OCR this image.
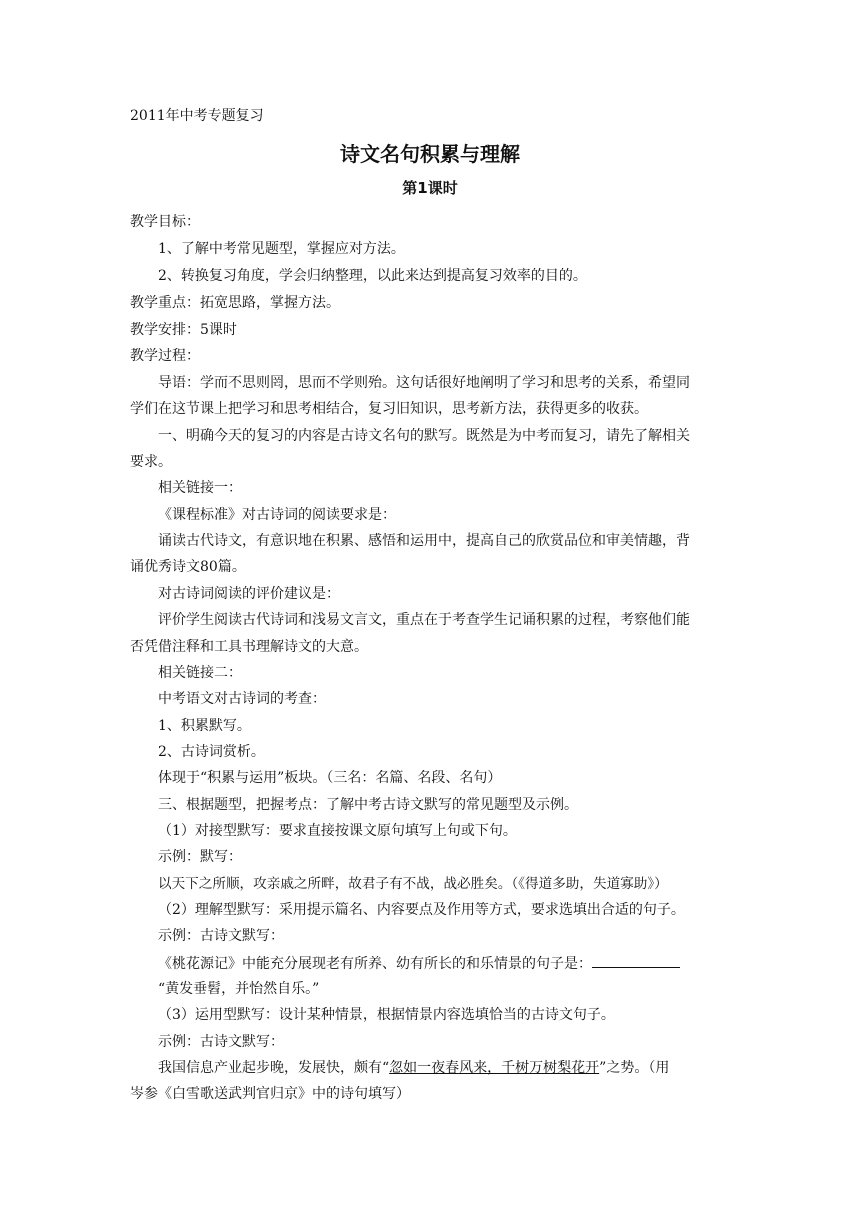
2011年中考专题复习
诗文名句积累与理解
第1课时
教学目标：
1、了解中考常见题型，掌握应对方法。
2、转换复习角度，学会归纳整理，以此来达到提高复习效率的目的。
教学重点：拓宽思路，掌握方法。
教学安排：5课时
教学过程：
导语：学而不思则罔，思而不学则殆。这句话很好地阐明了学习和思考的关系，希望同
学们在这节课上把学习和思考相结合，复习旧知识，思考新方法，获得更多的收获。
一、明确今天的复习的内容是古诗文名句的默写。既然是为中考而复习，请先了解相关
要求。
相关链接一：
《课程标准》对古诗词的阅读要求是：
诵读古代诗文，有意识地在积累、感悟和运用中，提高自己的欣赏品位和审美情趣，背
诵优秀诗文80篇。
对古诗词阅读的评价建议是：
评价学生阅读古代诗词和浅易文言文，重点在于考查学生记诵积累的过程，考察他们能
否凭借注释和工具书理解诗文的大意。
相关链接二：
中考语文对古诗词的考查：
1、积累默写。
2、古诗词赏析。
体现于“积累与运用”板块。（三名：名篇、名段、名句）
三、根据题型，把握考点：了解中考古诗文默写的常见题型及示例。
（1）对接型默写：要求直接按课文原句填写上句或下句。
示例：默写：
以天下之所顺，攻亲戚之所畔，故君子有不战，战必胜矣。（《得道多助，失道寡助》）
（2）理解型默写：采用提示篇名、内容要点及作用等方式，要求选填出合适的句子。
示例：古诗文默写：
《桃花源记》中能充分展现老有所养、幼有所长的和乐情景的句子是：
“黄发垂髫，并怡然自乐。”
（3）运用型默写：设计某种情景，根据情景内容选填恰当的古诗文句子。
示例：古诗文默写：
我国信息产业起步晚，发展快，颇有“忽如一夜春风来，千树万树梨花开”之势。（用
岑参《白雪歌送武判官归京》中的诗句填写）
